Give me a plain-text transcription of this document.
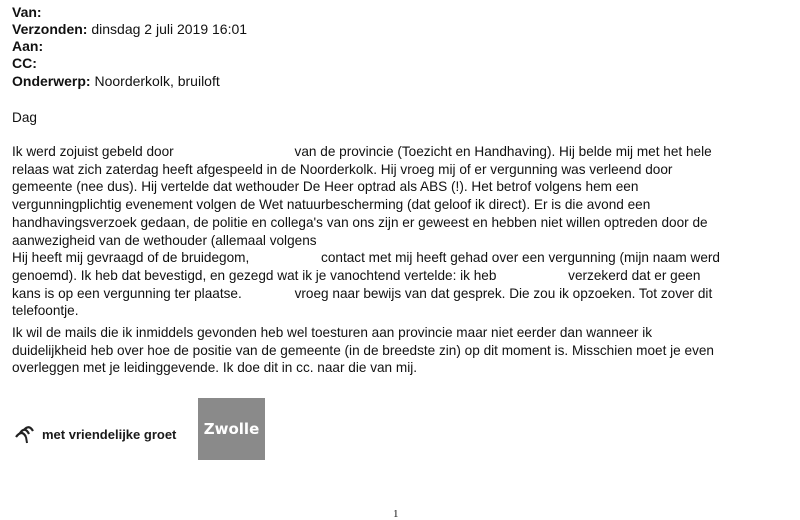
Van:
Verzonden: dinsdag 2 juli 2019 16:01
Aan:
CC:
Onderwerp: Noorderkolk, bruiloft
Dag
Ik werd zojuist gebeld door                                van de provincie (Toezicht en Handhaving). Hij belde mij met het hele
relaas wat zich zaterdag heeft afgespeeld in de Noorderkolk. Hij vroeg mij of er vergunning was verleend door
gemeente (nee dus). Hij vertelde dat wethouder De Heer optrad als ABS (!). Het betrof volgens hem een
vergunningplichtig evenement volgen de Wet natuurbescherming (dat geloof ik direct). Er is die avond een
handhavingsverzoek gedaan, de politie en collega's van ons zijn er geweest en hebben niet willen optreden door de
aanwezigheid van de wethouder (allemaal volgens
Hij heeft mij gevraagd of de bruidegom,                   contact met mij heeft gehad over een vergunning (mijn naam werd
genoemd). Ik heb dat bevestigd, en gezegd wat ik je vanochtend vertelde: ik heb                   verzekerd dat er geen
kans is op een vergunning ter plaatse.              vroeg naar bewijs van dat gesprek. Die zou ik opzoeken. Tot zover dit
telefoontje.
Ik wil de mails die ik inmiddels gevonden heb wel toesturen aan provincie maar niet eerder dan wanneer ik
duidelijkheid heb over hoe de positie van de gemeente (in de breedste zin) op dit moment is. Misschien moet je even
overleggen met je leidinggevende. Ik doe dit in cc. naar die van mij.
met vriendelijke groet Zwolle
1
